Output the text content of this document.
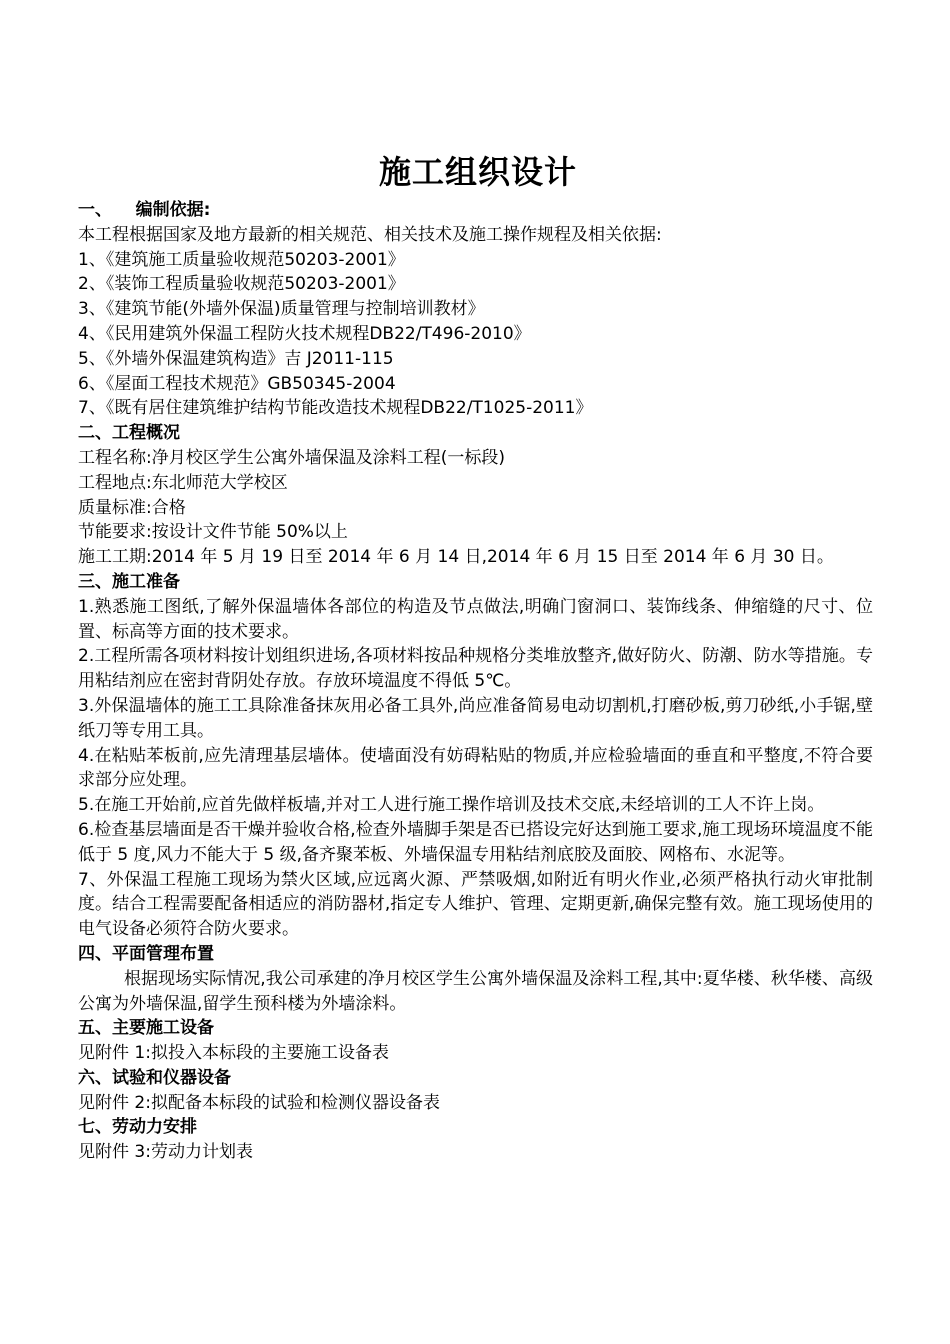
施工组织设计

一、    编制依据:

本工程根据国家及地方最新的相关规范、相关技术及施工操作规程及相关依据:

1、《建筑施工质量验收规范50203-2001》

2、《装饰工程质量验收规范50203-2001》

3、《建筑节能(外墙外保温)质量管理与控制培训教材》

4、《民用建筑外保温工程防火技术规程DB22/T496-2010》

5、《外墙外保温建筑构造》吉 J2011-115

6、《屋面工程技术规范》GB50345-2004

7、《既有居住建筑维护结构节能改造技术规程DB22/T1025-2011》

二、工程概况

工程名称:净月校区学生公寓外墙保温及涂料工程(一标段)

工程地点:东北师范大学校区

质量标准:合格

节能要求:按设计文件节能 50%以上

施工工期:2014 年 5 月 19 日至 2014 年 6 月 14 日,2014 年 6 月 15 日至 2014 年 6 月 30 日。

三、施工准备

1.熟悉施工图纸,了解外保温墙体各部位的构造及节点做法,明确门窗洞口、装饰线条、伸缩缝的尺寸、位置、标高等方面的技术要求。

2.工程所需各项材料按计划组织进场,各项材料按品种规格分类堆放整齐,做好防火、防潮、防水等措施。专用粘结剂应在密封背阴处存放。存放环境温度不得低 5℃。

3.外保温墙体的施工工具除准备抹灰用必备工具外,尚应准备简易电动切割机,打磨砂板,剪刀砂纸,小手锯,壁纸刀等专用工具。

4.在粘贴苯板前,应先清理基层墙体。使墙面没有妨碍粘贴的物质,并应检验墙面的垂直和平整度,不符合要求部分应处理。

5.在施工开始前,应首先做样板墙,并对工人进行施工操作培训及技术交底,未经培训的工人不许上岗。

6.检查基层墙面是否干燥并验收合格,检查外墙脚手架是否已搭设完好达到施工要求,施工现场环境温度不能低于 5 度,风力不能大于 5 级,备齐聚苯板、外墙保温专用粘结剂底胶及面胶、网格布、水泥等。

7、外保温工程施工现场为禁火区域,应远离火源、严禁吸烟,如附近有明火作业,必须严格执行动火审批制度。结合工程需要配备相适应的消防器材,指定专人维护、管理、定期更新,确保完整有效。施工现场使用的电气设备必须符合防火要求。

四、平面管理布置

根据现场实际情况,我公司承建的净月校区学生公寓外墙保温及涂料工程,其中:夏华楼、秋华楼、高级公寓为外墙保温,留学生预科楼为外墙涂料。

五、主要施工设备

见附件 1:拟投入本标段的主要施工设备表

六、试验和仪器设备

见附件 2:拟配备本标段的试验和检测仪器设备表

七、劳动力安排

见附件 3:劳动力计划表
